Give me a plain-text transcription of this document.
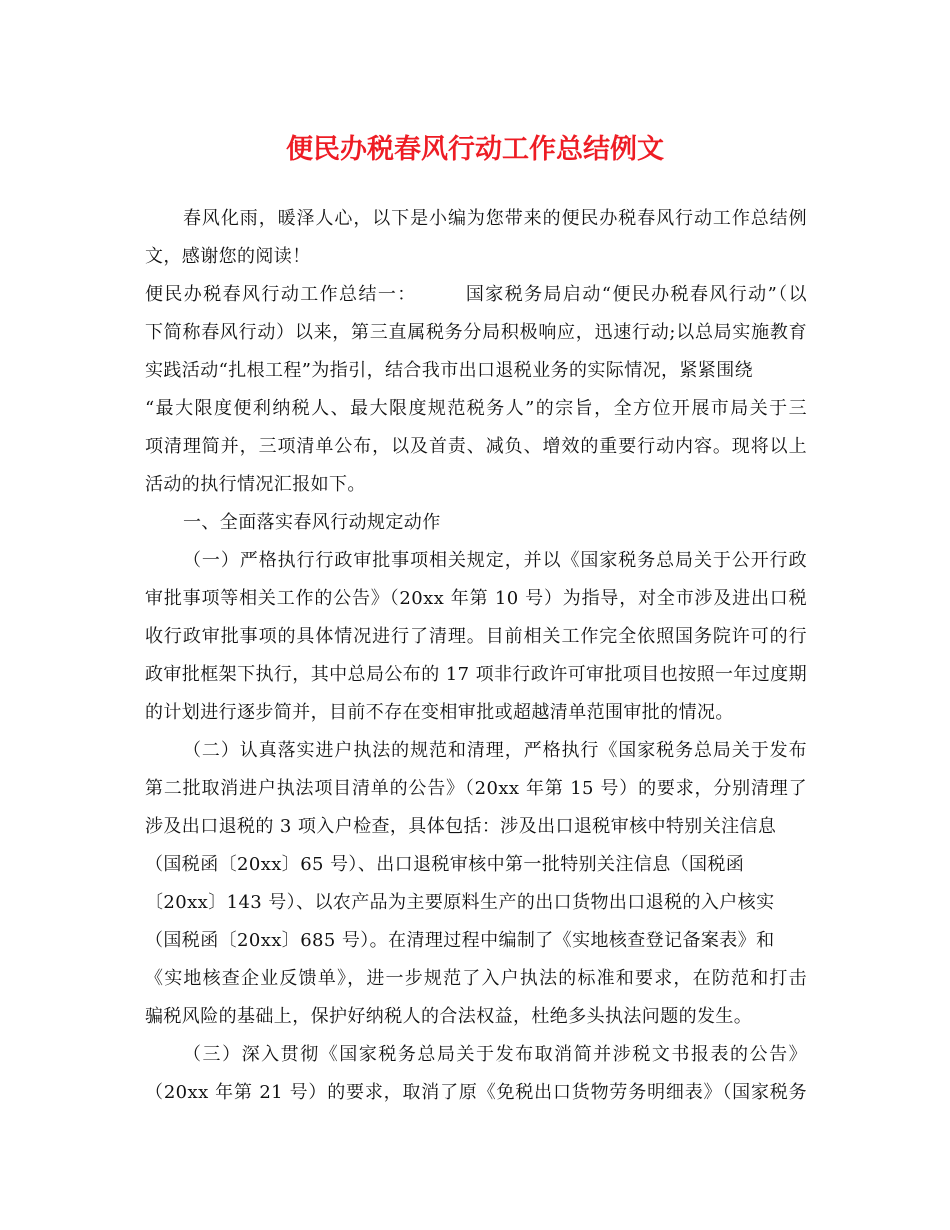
便民办税春风行动工作总结例文
春风化雨，暖泽人心，以下是小编为您带来的便民办税春风行动工作总结例
文，感谢您的阅读！
便民办税春风行动工作总结一：　　　国家税务局启动“便民办税春风行动”（以
下简称春风行动）以来，第三直属税务分局积极响应，迅速行动;以总局实施教育
实践活动“扎根工程”为指引，结合我市出口退税业务的实际情况，紧紧围绕
“最大限度便利纳税人、最大限度规范税务人”的宗旨，全方位开展市局关于三
项清理简并，三项清单公布，以及首责、减负、增效的重要行动内容。现将以上
活动的执行情况汇报如下。
一、全面落实春风行动规定动作
（一）严格执行行政审批事项相关规定，并以《国家税务总局关于公开行政
审批事项等相关工作的公告》（20xx 年第 10 号）为指导，对全市涉及进出口税
收行政审批事项的具体情况进行了清理。目前相关工作完全依照国务院许可的行
政审批框架下执行，其中总局公布的 17 项非行政许可审批项目也按照一年过度期
的计划进行逐步简并，目前不存在变相审批或超越清单范围审批的情况。
（二）认真落实进户执法的规范和清理，严格执行《国家税务总局关于发布
第二批取消进户执法项目清单的公告》（20xx 年第 15 号）的要求，分别清理了
涉及出口退税的 3 项入户检查，具体包括：涉及出口退税审核中特别关注信息
（国税函〔20xx〕65 号）、出口退税审核中第一批特别关注信息（国税函
〔20xx〕143 号）、以农产品为主要原料生产的出口货物出口退税的入户核实
（国税函〔20xx〕685 号）。在清理过程中编制了《实地核查登记备案表》和
《实地核查企业反馈单》，进一步规范了入户执法的标准和要求，在防范和打击
骗税风险的基础上，保护好纳税人的合法权益，杜绝多头执法问题的发生。
（三）深入贯彻《国家税务总局关于发布取消简并涉税文书报表的公告》
（20xx 年第 21 号）的要求，取消了原《免税出口货物劳务明细表》（国家税务
